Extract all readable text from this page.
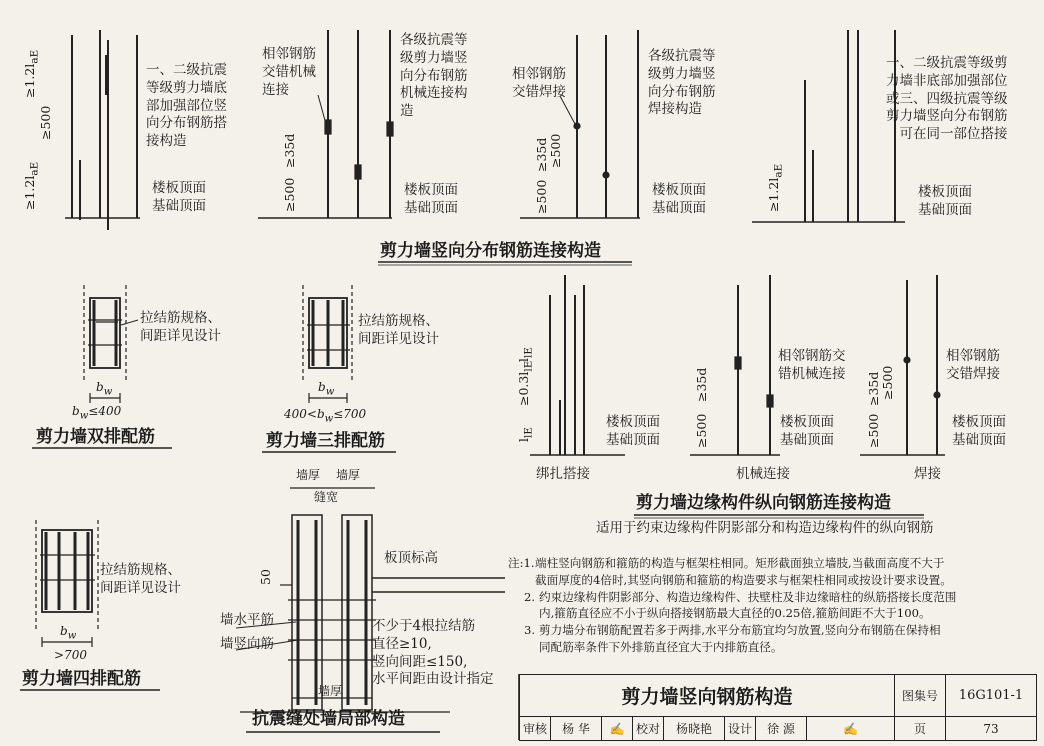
$\ge 1.2l_{aE}$
≥500
$\ge 1.2l_{aE}$
一、二级抗震
等级剪力墙底
部加强部位竖
向分布钢筋搭
接构造
楼板顶面
基础顶面
相邻钢筋
交错机械
连接
各级抗震等
级剪力墙竖
向分布钢筋
机械连接构
造
≥500
≥35d
楼板顶面
基础顶面
相邻钢筋
交错焊接
各级抗震等
级剪力墙竖
向分布钢筋
焊接构造
≥500
≥35d ≥500
楼板顶面
基础顶面
一、二级抗震等级剪
力墙非底部加强部位
或三、四级抗震等级
剪力墙竖向分布钢筋
可在同一部位搭接
$\ge 1.2l_{aE}$
楼板顶面
基础顶面
剪力墙竖向分布钢筋连接构造
拉结筋规格、
间距详见设计
$b_w$
$b_w\le 400$
剪力墙双排配筋
拉结筋规格、
间距详见设计
$b_w$
$400<b_w\le 700$
剪力墙三排配筋
拉结筋规格、
间距详见设计
$b_w$
>700
剪力墙四排配筋
墙厚 墙厚
缝宽
板顶标高
50
墙水平筋
墙竖向筋
不少于4根拉结筋
直径≥10,
竖向间距≤150,
水平间距由设计指定
墙厚
抗震缝处墙局部构造
$l_{lE}$
$\ge 0.3l_{lE}$
$l_{lE}$
楼板顶面
基础顶面
绑扎搭接
相邻钢筋交
错机械连接
≥500
≥35d
楼板顶面
基础顶面
机械连接
相邻钢筋
交错焊接
≥500
≥35d ≥500
楼板顶面
基础顶面
焊接
剪力墙边缘构件纵向钢筋连接构造
适用于约束边缘构件阴影部分和构造边缘构件的纵向钢筋
注:1. 端柱竖向钢筋和箍筋的构造与框架柱相同。矩形截面独立墙肢,当截面高度不大于
截面厚度的4倍时,其竖向钢筋和箍筋的构造要求与框架柱相同或按设计要求设置。
2. 约束边缘构件阴影部分、构造边缘构件、扶壁柱及非边缘暗柱的纵筋搭接长度范围
内,箍筋直径应不小于纵向搭接钢筋最大直径的0.25倍,箍筋间距不大于100。
3. 剪力墙分布钢筋配置若多于两排,水平分布筋宜均匀放置,竖向分布钢筋在保持相
同配筋率条件下外排筋直径宜大于内排筋直径。
剪力墙竖向钢筋构造								图集号	16G101-1
审核	杨 华	✍	校对	杨晓艳	设计	徐 源	✍	页	73
